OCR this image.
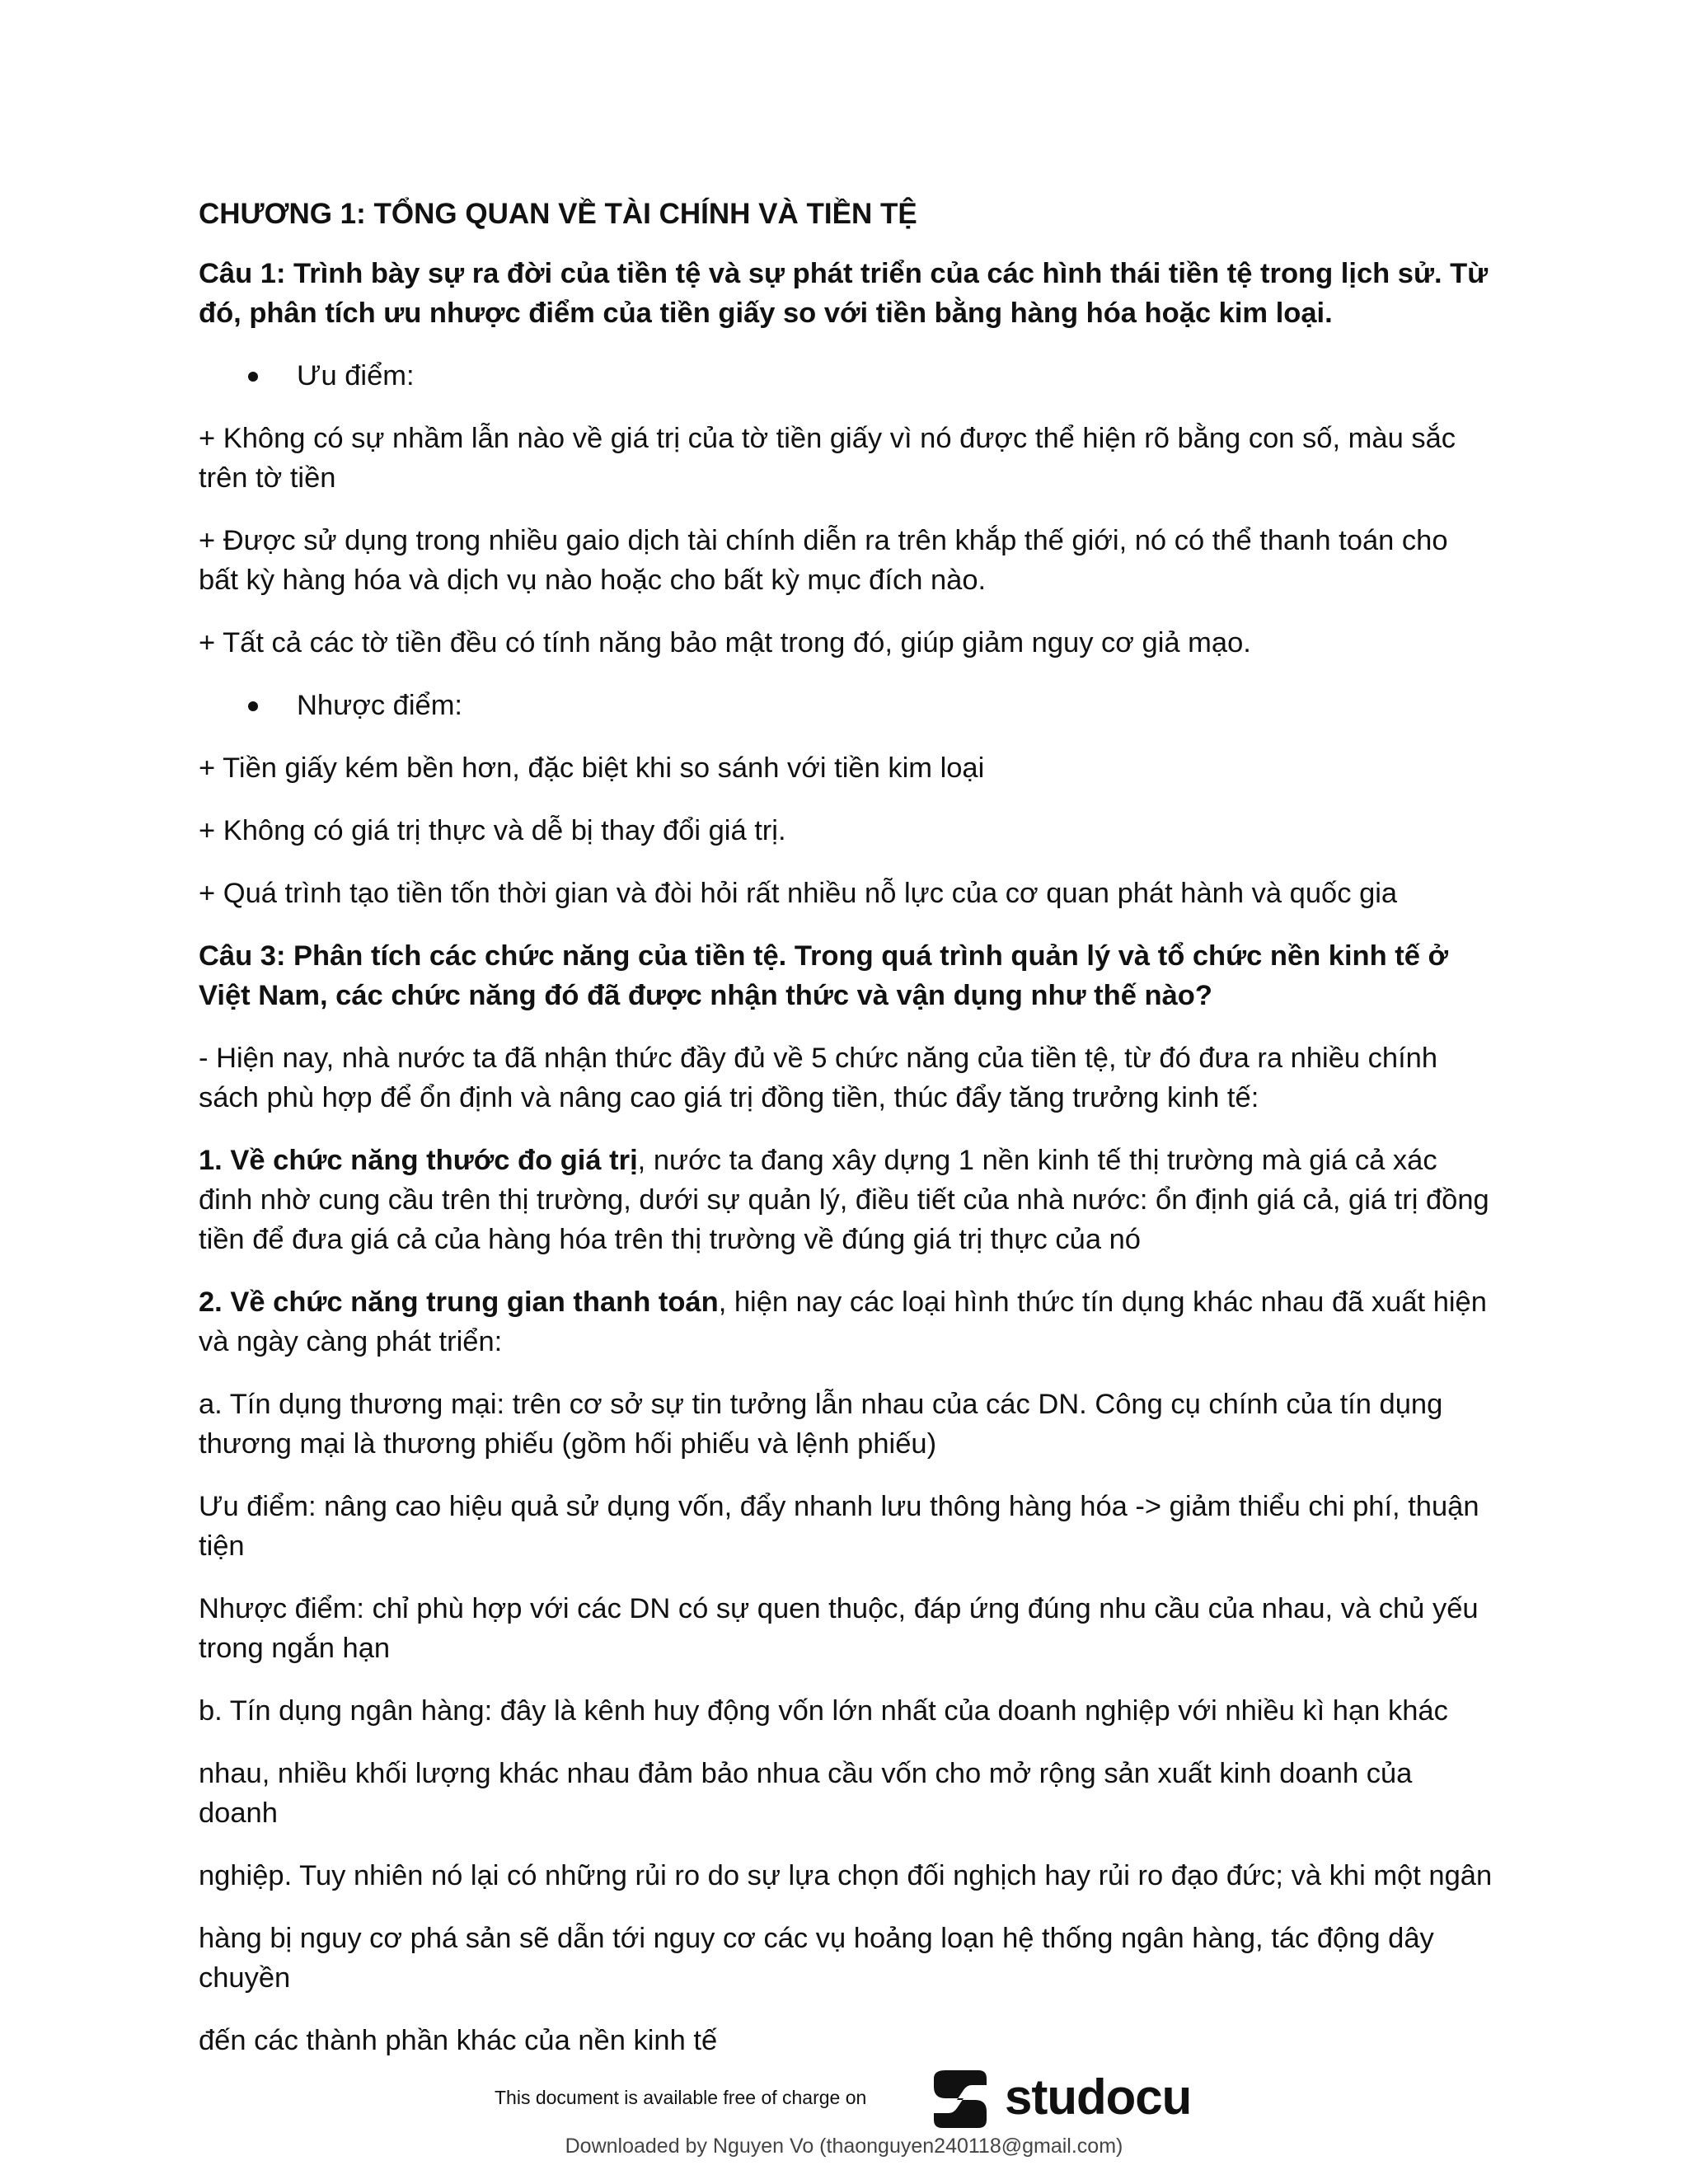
CHƯƠNG 1: TỔNG QUAN VỀ TÀI CHÍNH VÀ TIỀN TỆ

Câu 1: Trình bày sự ra đời của tiền tệ và sự phát triển của các hình thái tiền tệ trong lịch sử. Từ đó, phân tích ưu nhược điểm của tiền giấy so với tiền bằng hàng hóa hoặc kim loại.

Ưu điểm:

+ Không có sự nhầm lẫn nào về giá trị của tờ tiền giấy vì nó được thể hiện rõ bằng con số, màu sắc trên tờ tiền

+ Được sử dụng trong nhiều gaio dịch tài chính diễn ra trên khắp thế giới, nó có thể thanh toán cho bất kỳ hàng hóa và dịch vụ nào hoặc cho bất kỳ mục đích nào.

+ Tất cả các tờ tiền đều có tính năng bảo mật trong đó, giúp giảm nguy cơ giả mạo.

Nhược điểm:

+ Tiền giấy kém bền hơn, đặc biệt khi so sánh với tiền kim loại

+ Không có giá trị thực và dễ bị thay đổi giá trị.

+ Quá trình tạo tiền tốn thời gian và đòi hỏi rất nhiều nỗ lực của cơ quan phát hành và quốc gia

Câu 3: Phân tích các chức năng của tiền tệ. Trong quá trình quản lý và tổ chức nền kinh tế ở Việt Nam, các chức năng đó đã được nhận thức và vận dụng như thế nào?

- Hiện nay, nhà nước ta đã nhận thức đầy đủ về 5 chức năng của tiền tệ, từ đó đưa ra nhiều chính sách phù hợp để ổn định và nâng cao giá trị đồng tiền, thúc đẩy tăng trưởng kinh tế:

1. Về chức năng thước đo giá trị, nước ta đang xây dựng 1 nền kinh tế thị trường mà giá cả xác đinh nhờ cung cầu trên thị trường, dưới sự quản lý, điều tiết của nhà nước: ổn định giá cả, giá trị đồng tiền để đưa giá cả của hàng hóa trên thị trường về đúng giá trị thực của nó

2. Về chức năng trung gian thanh toán, hiện nay các loại hình thức tín dụng khác nhau đã xuất hiện và ngày càng phát triển:

a. Tín dụng thương mại: trên cơ sở sự tin tưởng lẫn nhau của các DN. Công cụ chính của tín dụng thương mại là thương phiếu (gồm hối phiếu và lệnh phiếu)

Ưu điểm: nâng cao hiệu quả sử dụng vốn, đẩy nhanh lưu thông hàng hóa -> giảm thiểu chi phí, thuận tiện

Nhược điểm: chỉ phù hợp với các DN có sự quen thuộc, đáp ứng đúng nhu cầu của nhau, và chủ yếu trong ngắn hạn

b. Tín dụng ngân hàng: đây là kênh huy động vốn lớn nhất của doanh nghiệp với nhiều kì hạn khác

nhau, nhiều khối lượng khác nhau đảm bảo nhua cầu vốn cho mở rộng sản xuất kinh doanh của doanh

nghiệp. Tuy nhiên nó lại có những rủi ro do sự lựa chọn đối nghịch hay rủi ro đạo đức; và khi một ngân

hàng bị nguy cơ phá sản sẽ dẫn tới nguy cơ các vụ hoảng loạn hệ thống ngân hàng, tác động dây chuyền

đến các thành phần khác của nền kinh tế

This document is available free of charge on	studocu
Downloaded by Nguyen Vo (thaonguyen240118@gmail.com)
